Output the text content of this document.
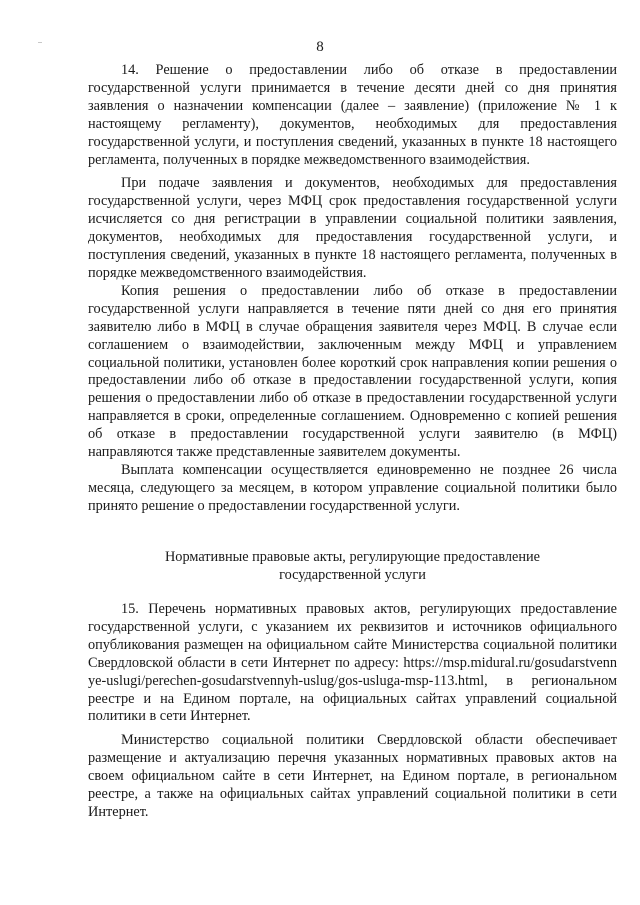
8

14. Решение о предоставлении либо об отказе в предоставлении государственной услуги принимается в течение десяти дней со дня принятия заявления о назначении компенсации (далее – заявление) (приложение № 1 к настоящему регламенту), документов, необходимых для предоставления государственной услуги, и поступления сведений, указанных в пункте 18 настоящего регламента, полученных в порядке межведомственного взаимодействия.

При подаче заявления и документов, необходимых для предоставления государственной услуги, через МФЦ срок предоставления государственной услуги исчисляется со дня регистрации в управлении социальной политики заявления, документов, необходимых для предоставления государственной услуги, и поступления сведений, указанных в пункте 18 настоящего регламента, полученных в порядке межведомственного взаимодействия.

Копия решения о предоставлении либо об отказе в предоставлении государственной услуги направляется в течение пяти дней со дня его принятия заявителю либо в МФЦ в случае обращения заявителя через МФЦ. В случае если соглашением о взаимодействии, заключенным между МФЦ и управлением социальной политики, установлен более короткий срок направления копии решения о предоставлении либо об отказе в предоставлении государственной услуги, копия решения о предоставлении либо об отказе в предоставлении государственной услуги направляется в сроки, определенные соглашением. Одновременно с копией решения об отказе в предоставлении государственной услуги заявителю (в МФЦ) направляются также представленные заявителем документы.

Выплата компенсации осуществляется единовременно не позднее 26 числа месяца, следующего за месяцем, в котором управление социальной политики было принято решение о предоставлении государственной услуги.

Нормативные правовые акты, регулирующие предоставление
государственной услуги

15. Перечень нормативных правовых актов, регулирующих предоставление государственной услуги, с указанием их реквизитов и источников официального опубликования размещен на официальном сайте Министерства социальной политики Свердловской области в сети Интернет по адресу: https://msp.midural.ru/gosudarstvennye-uslugi/perechen-gosudarstvennyh-uslug/gos-usluga-msp-113.html, в региональном реестре и на Едином портале, на официальных сайтах управлений социальной политики в сети Интернет.

Министерство социальной политики Свердловской области обеспечивает размещение и актуализацию перечня указанных нормативных правовых актов на своем официальном сайте в сети Интернет, на Едином портале, в региональном реестре, а также на официальных сайтах управлений социальной политики в сети Интернет.
